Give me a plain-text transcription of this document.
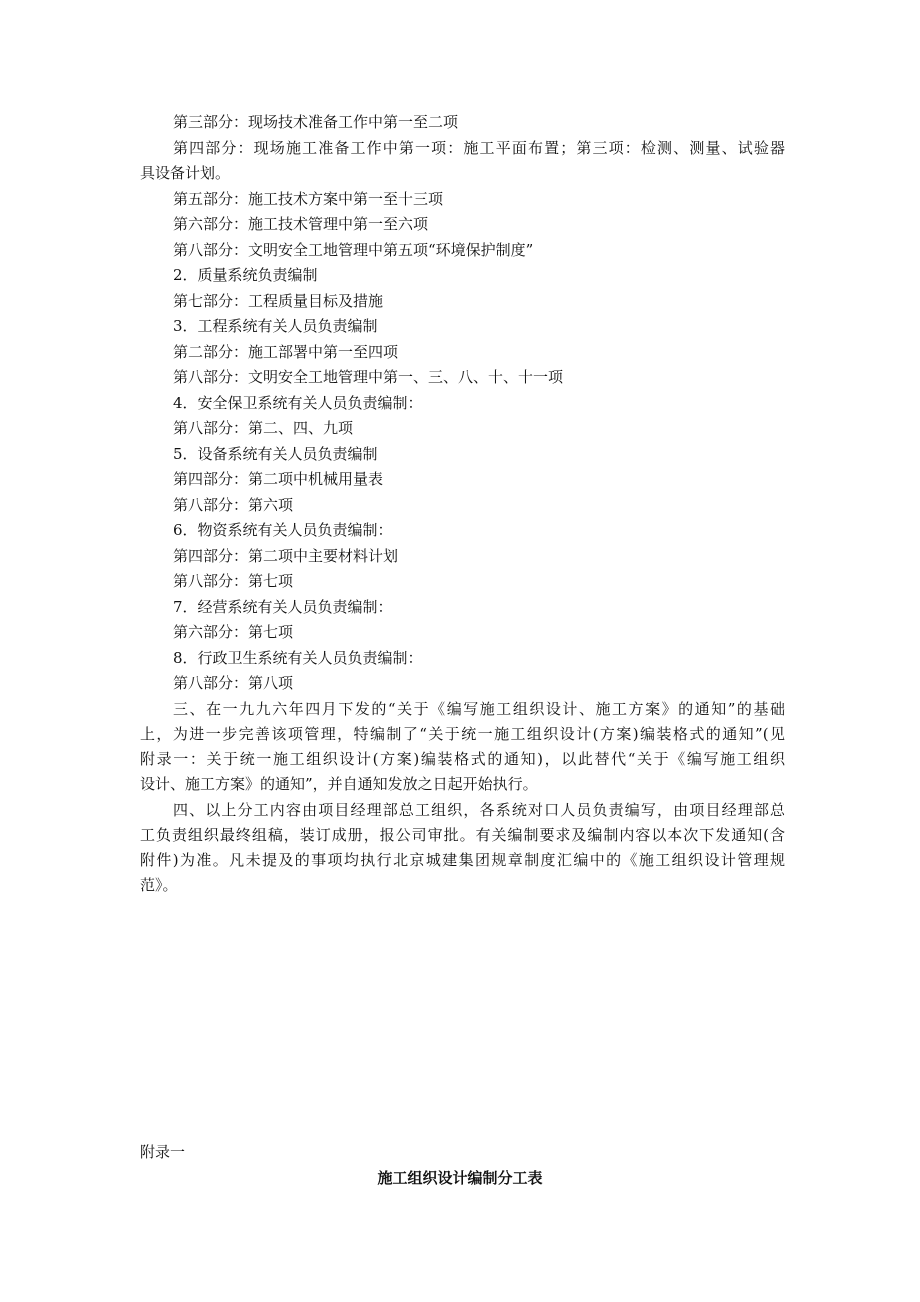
第三部分：现场技术准备工作中第一至二项
第四部分：现场施工准备工作中第一项：施工平面布置；第三项：检测、测量、试验器
具设备计划。
第五部分：施工技术方案中第一至十三项
第六部分：施工技术管理中第一至六项
第八部分：文明安全工地管理中第五项“环境保护制度”
2．质量系统负责编制
第七部分：工程质量目标及措施
3．工程系统有关人员负责编制
第二部分：施工部署中第一至四项
第八部分：文明安全工地管理中第一、三、八、十、十一项
4．安全保卫系统有关人员负责编制：
第八部分：第二、四、九项
5．设备系统有关人员负责编制
第四部分：第二项中机械用量表
第八部分：第六项
6．物资系统有关人员负责编制：
第四部分：第二项中主要材料计划
第八部分：第七项
7．经营系统有关人员负责编制：
第六部分：第七项
8．行政卫生系统有关人员负责编制：
第八部分：第八项
三、在一九九六年四月下发的“关于《编写施工组织设计、施工方案》的通知”的基础
上，为进一步完善该项管理，特编制了“关于统一施工组织设计(方案)编装格式的通知”(见
附录一：关于统一施工组织设计(方案)编装格式的通知)，以此替代“关于《编写施工组织
设计、施工方案》的通知”，并自通知发放之日起开始执行。
四、以上分工内容由项目经理部总工组织，各系统对口人员负责编写，由项目经理部总
工负责组织最终组稿，装订成册，报公司审批。有关编制要求及编制内容以本次下发通知(含
附件)为准。凡未提及的事项均执行北京城建集团规章制度汇编中的《施工组织设计管理规
范》。
附录一
施工组织设计编制分工表
